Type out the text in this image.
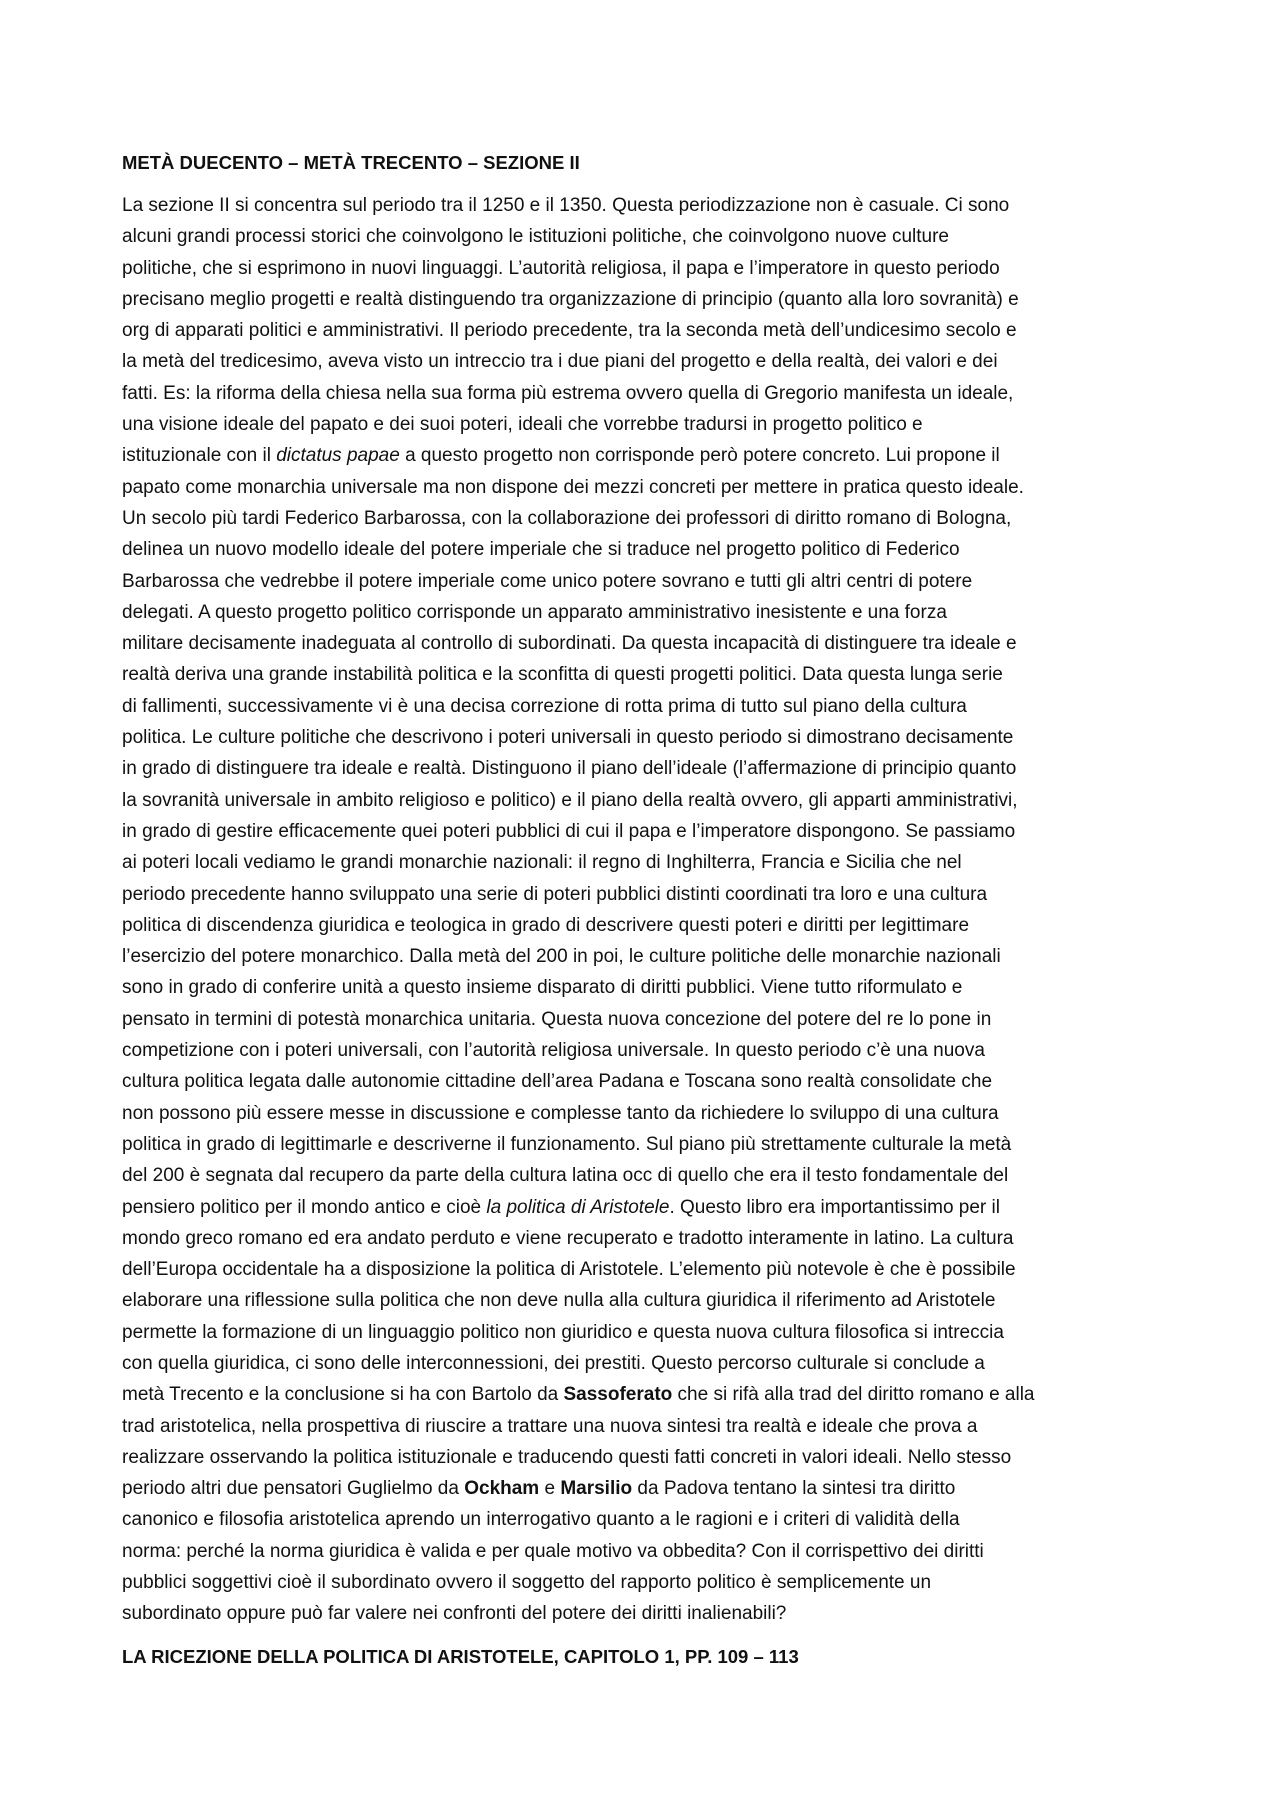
METÀ DUECENTO – METÀ TRECENTO – SEZIONE II
La sezione II si concentra sul periodo tra il 1250 e il 1350. Questa periodizzazione non è casuale. Ci sono
alcuni grandi processi storici che coinvolgono le istituzioni politiche, che coinvolgono nuove culture
politiche, che si esprimono in nuovi linguaggi. L’autorità religiosa, il papa e l’imperatore in questo periodo
precisano meglio progetti e realtà distinguendo tra organizzazione di principio (quanto alla loro sovranità) e
org di apparati politici e amministrativi. Il periodo precedente, tra la seconda metà dell’undicesimo secolo e
la metà del tredicesimo, aveva visto un intreccio tra i due piani del progetto e della realtà, dei valori e dei
fatti. Es: la riforma della chiesa nella sua forma più estrema ovvero quella di Gregorio manifesta un ideale,
una visione ideale del papato e dei suoi poteri, ideali che vorrebbe tradursi in progetto politico e
istituzionale con il dictatus papae a questo progetto non corrisponde però potere concreto. Lui propone il
papato come monarchia universale ma non dispone dei mezzi concreti per mettere in pratica questo ideale.
Un secolo più tardi Federico Barbarossa, con la collaborazione dei professori di diritto romano di Bologna,
delinea un nuovo modello ideale del potere imperiale che si traduce nel progetto politico di Federico
Barbarossa che vedrebbe il potere imperiale come unico potere sovrano e tutti gli altri centri di potere
delegati. A questo progetto politico corrisponde un apparato amministrativo inesistente e una forza
militare decisamente inadeguata al controllo di subordinati. Da questa incapacità di distinguere tra ideale e
realtà deriva una grande instabilità politica e la sconfitta di questi progetti politici. Data questa lunga serie
di fallimenti, successivamente vi è una decisa correzione di rotta prima di tutto sul piano della cultura
politica. Le culture politiche che descrivono i poteri universali in questo periodo si dimostrano decisamente
in grado di distinguere tra ideale e realtà. Distinguono il piano dell’ideale (l’affermazione di principio quanto
la sovranità universale in ambito religioso e politico) e il piano della realtà ovvero, gli apparti amministrativi,
in grado di gestire efficacemente quei poteri pubblici di cui il papa e l’imperatore dispongono. Se passiamo
ai poteri locali vediamo le grandi monarchie nazionali: il regno di Inghilterra, Francia e Sicilia che nel
periodo precedente hanno sviluppato una serie di poteri pubblici distinti coordinati tra loro e una cultura
politica di discendenza giuridica e teologica in grado di descrivere questi poteri e diritti per legittimare
l’esercizio del potere monarchico. Dalla metà del 200 in poi, le culture politiche delle monarchie nazionali
sono in grado di conferire unità a questo insieme disparato di diritti pubblici. Viene tutto riformulato e
pensato in termini di potestà monarchica unitaria. Questa nuova concezione del potere del re lo pone in
competizione con i poteri universali, con l’autorità religiosa universale. In questo periodo c’è una nuova
cultura politica legata dalle autonomie cittadine dell’area Padana e Toscana sono realtà consolidate che
non possono più essere messe in discussione e complesse tanto da richiedere lo sviluppo di una cultura
politica in grado di legittimarle e descriverne il funzionamento. Sul piano più strettamente culturale la metà
del 200 è segnata dal recupero da parte della cultura latina occ di quello che era il testo fondamentale del
pensiero politico per il mondo antico e cioè la politica di Aristotele. Questo libro era importantissimo per il
mondo greco romano ed era andato perduto e viene recuperato e tradotto interamente in latino. La cultura
dell’Europa occidentale ha a disposizione la politica di Aristotele. L’elemento più notevole è che è possibile
elaborare una riflessione sulla politica che non deve nulla alla cultura giuridica il riferimento ad Aristotele
permette la formazione di un linguaggio politico non giuridico e questa nuova cultura filosofica si intreccia
con quella giuridica, ci sono delle interconnessioni, dei prestiti. Questo percorso culturale si conclude a
metà Trecento e la conclusione si ha con Bartolo da Sassoferato che si rifà alla trad del diritto romano e alla
trad aristotelica, nella prospettiva di riuscire a trattare una nuova sintesi tra realtà e ideale che prova a
realizzare osservando la politica istituzionale e traducendo questi fatti concreti in valori ideali. Nello stesso
periodo altri due pensatori Guglielmo da Ockham e Marsilio da Padova tentano la sintesi tra diritto
canonico e filosofia aristotelica aprendo un interrogativo quanto a le ragioni e i criteri di validità della
norma: perché la norma giuridica è valida e per quale motivo va obbedita? Con il corrispettivo dei diritti
pubblici soggettivi cioè il subordinato ovvero il soggetto del rapporto politico è semplicemente un
subordinato oppure può far valere nei confronti del potere dei diritti inalienabili?
LA RICEZIONE DELLA POLITICA DI ARISTOTELE, CAPITOLO 1, PP. 109 – 113
